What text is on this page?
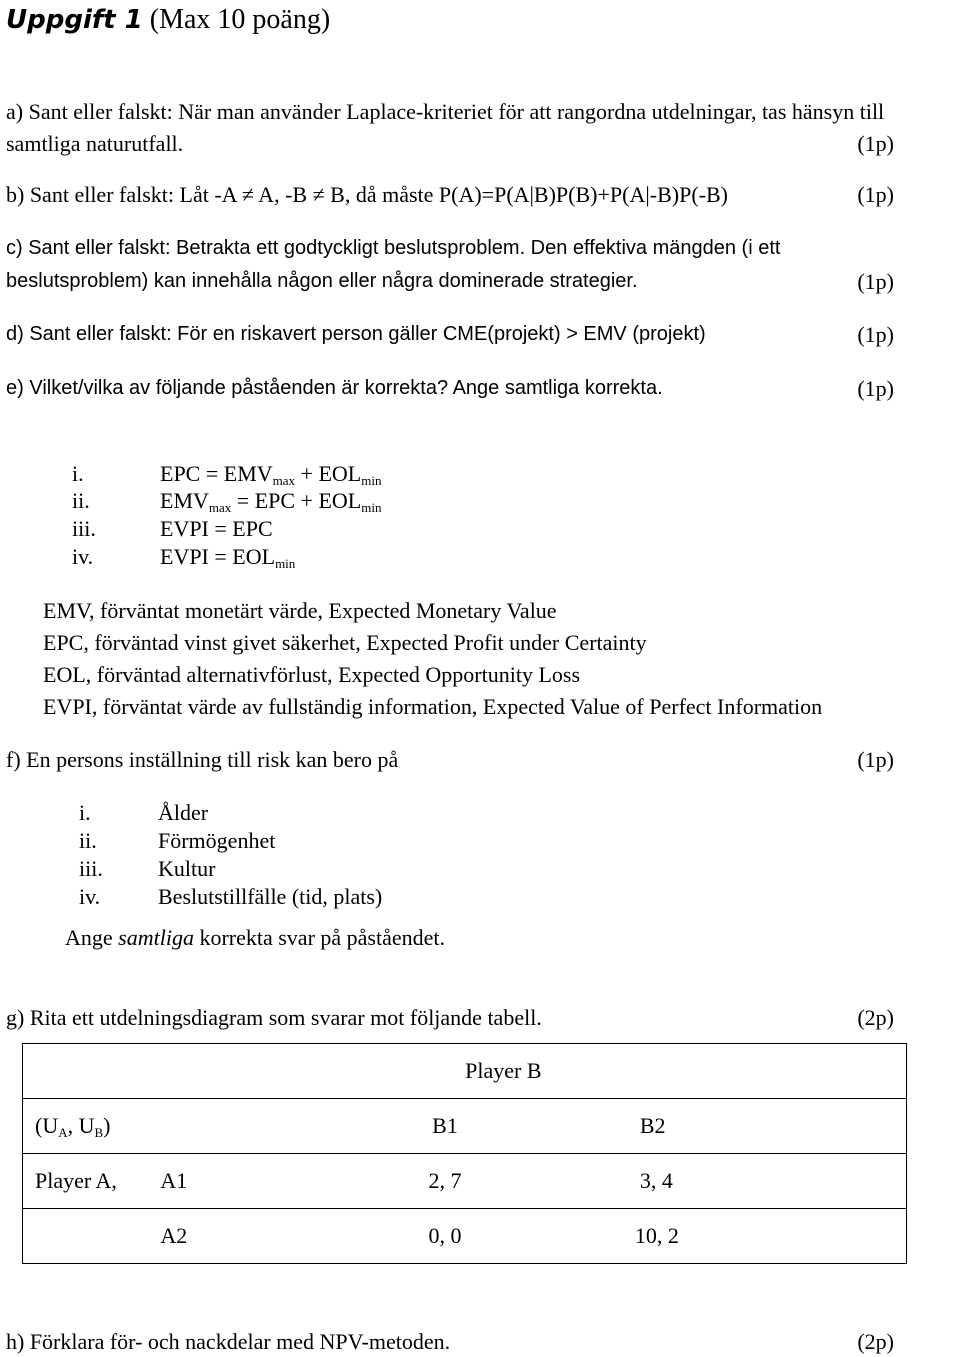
Uppgift 1 (Max 10 poäng)
a) Sant eller falskt: När man använder Laplace-kriteriet för att rangordna utdelningar, tas hänsyn till
samtliga naturutfall.	(1p)
b) Sant eller falskt: Låt -A ≠ A, -B ≠ B, då måste P(A)=P(A|B)P(B)+P(A|-B)P(-B)	(1p)
c) Sant eller falskt: Betrakta ett godtyckligt beslutsproblem. Den effektiva mängden (i ett
beslutsproblem) kan innehålla någon eller några dominerade strategier.	(1p)
d) Sant eller falskt: För en riskavert person gäller CME(projekt) > EMV (projekt)	(1p)
e) Vilket/vilka av följande påståenden är korrekta? Ange samtliga korrekta.	(1p)
i.	EPC = EMVmax + EOLmin
ii.	EMVmax = EPC + EOLmin
iii.	EVPI = EPC
iv.	EVPI = EOLmin
EMV, förväntat monetärt värde, Expected Monetary Value
EPC, förväntad vinst givet säkerhet, Expected Profit under Certainty
EOL, förväntad alternativförlust, Expected Opportunity Loss
EVPI, förväntat värde av fullständig information, Expected Value of Perfect Information
f) En persons inställning till risk kan bero på	(1p)
i.	Ålder
ii.	Förmögenhet
iii.	Kultur
iv.	Beslutstillfälle (tid, plats)
Ange samtliga korrekta svar på påståendet.
g) Rita ett utdelningsdiagram som svarar mot följande tabell.	(2p)
		Player B	
(UA, UB)		B1	B2
Player A,	A1	2, 7	3, 4
	A2	0, 0	10, 2
h) Förklara för- och nackdelar med NPV-metoden.	(2p)
